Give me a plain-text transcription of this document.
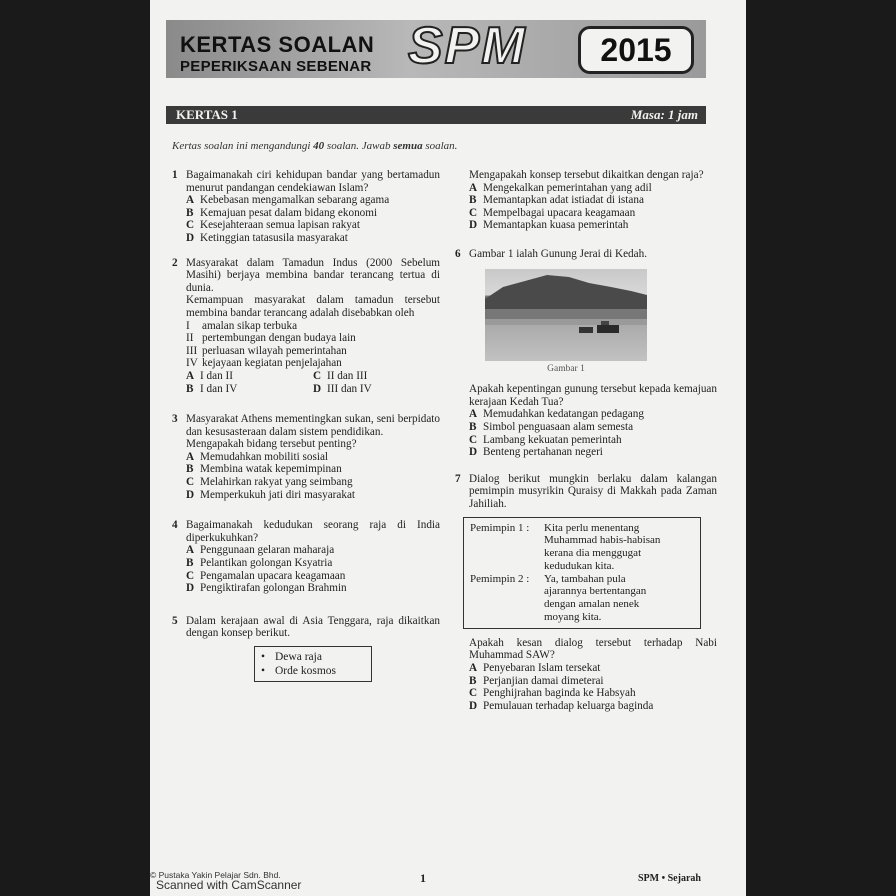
KERTAS SOALAN
PEPERIKSAAN SEBENAR SPM	2015
KERTAS 1	Masa: 1 jam
Kertas soalan ini mengandungi 40 soalan. Jawab semua soalan.
1 Bagaimanakah ciri kehidupan bandar yang bertamadun menurut pandangan cendekiawan Islam?
A Kebebasan mengamalkan sebarang agama
B Kemajuan pesat dalam bidang ekonomi
C Kesejahteraan semua lapisan rakyat
D Ketinggian tatasusila masyarakat
2 Masyarakat dalam Tamadun Indus (2000 Sebelum Masihi) berjaya membina bandar terancang tertua di dunia.
Kemampuan masyarakat dalam tamadun tersebut membina bandar terancang adalah disebabkan oleh
I	amalan sikap terbuka
II pertembungan dengan budaya lain
III perluasan wilayah pemerintahan
IV kejayaan kegiatan penjelajahan
A I dan II	C II dan III
B I dan IV	D III dan IV
3 Masyarakat Athens mementingkan sukan, seni berpidato dan kesusasteraan dalam sistem pendidikan.
Mengapakah bidang tersebut penting?
A Memudahkan mobiliti sosial
B Membina watak kepemimpinan
C Melahirkan rakyat yang seimbang
D Memperkukuh jati diri masyarakat
4 Bagaimanakah kedudukan seorang raja di India diperkukuhkan?
A Penggunaan gelaran maharaja
B Pelantikan golongan Ksyatria
C Pengamalan upacara keagamaan
D Pengiktirafan golongan Brahmin
5 Dalam kerajaan awal di Asia Tenggara, raja dikaitkan dengan konsep berikut.
• Dewa raja
• Orde kosmos
Mengapakah konsep tersebut dikaitkan dengan raja?
A Mengekalkan pemerintahan yang adil
B Memantapkan adat istiadat di istana
C Mempelbagai upacara keagamaan
D Memantapkan kuasa pemerintah
6 Gambar 1 ialah Gunung Jerai di Kedah.
Gambar 1
Apakah kepentingan gunung tersebut kepada kemajuan kerajaan Kedah Tua?
A Memudahkan kedatangan pedagang
B Simbol penguasaan alam semesta
C Lambang kekuatan pemerintah
D Benteng pertahanan negeri
7 Dialog berikut mungkin berlaku dalam kalangan pemimpin musyrikin Quraisy di Makkah pada Zaman Jahiliah.
Pemimpin 1 :	Kita perlu menentang
Muhammad habis-habisan
kerana dia menggugat
kedudukan kita.
Pemimpin 2 :	Ya, tambahan pula
ajarannya bertentangan
dengan amalan nenek
moyang kita.
Apakah kesan dialog tersebut terhadap Nabi Muhammad SAW?
A Penyebaran Islam tersekat
B Perjanjian damai dimeterai
C Penghijrahan baginda ke Habsyah
D Pemulauan terhadap keluarga baginda
© Pustaka Yakin Pelajar Sdn. Bhd.
Scanned with CamScanner	1	SPM • Sejarah
